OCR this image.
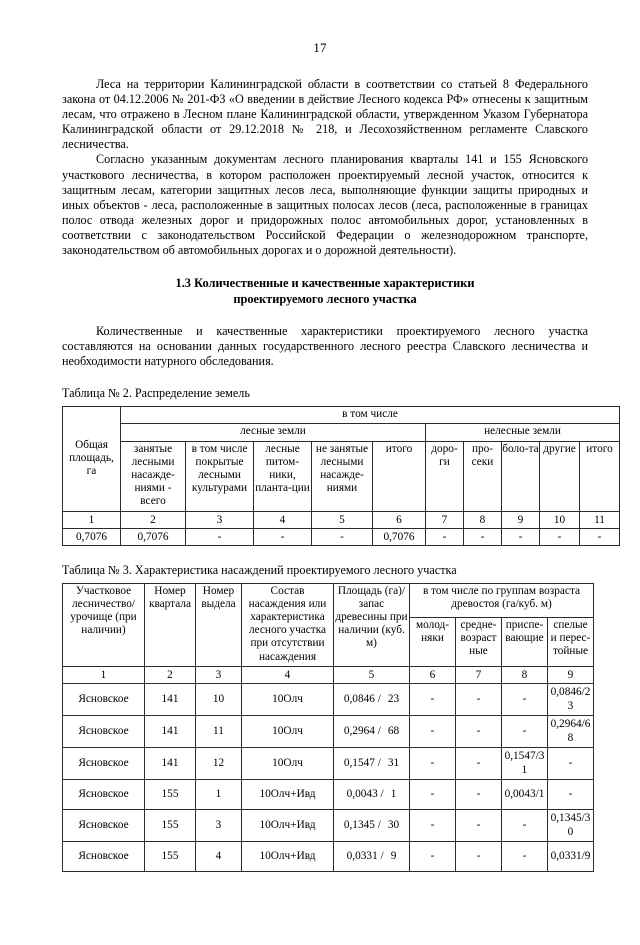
17

Леса на территории Калининградской области в соответствии со статьей 8 Федерального закона от 04.12.2006 № 201-ФЗ «О введении в действие Лесного кодекса РФ» отнесены к защитным лесам, что отражено в Лесном плане Калининградской области, утвержденном Указом Губернатора Калининградской области от 29.12.2018 № 218, и Лесохозяйственном регламенте Славского лесничества.

Согласно указанным документам лесного планирования кварталы 141 и 155 Ясновского участкового лесничества, в котором расположен проектируемый лесной участок, относится к защитным лесам, категории защитных лесов леса, выполняющие функции защиты природных и иных объектов - леса, расположенные в защитных полосах лесов (леса, расположенные в границах полос отвода железных дорог и придорожных полос автомобильных дорог, установленных в соответствии с законодательством Российской Федерации о железнодорожном транспорте, законодательством об автомобильных дорогах и о дорожной деятельности).

1.3 Количественные и качественные характеристики
проектируемого лесного участка

Количественные и качественные характеристики проектируемого лесного участка составляются на основании данных государственного лесного реестра Славского лесничества и необходимости натурного обследования.

Таблица № 2. Распределение земель
Общая площадь, га	в том числе									
	лесные земли					нелесные земли				
	занятые лесными насажде-ниями - всего	в том числе покрытые лесными культурами	лесные питом-ники, планта-ции	не занятые лесными насажде-ниями	итого	доро-ги	про-секи	боло-та	другие	итого
1	2	3	4	5	6	7	8	9	10	11
0,7076	0,7076	-	-	-	0,7076	-	-	-	-	-
Таблица № 3. Характеристика насаждений проектируемого лесного участка
Участковое лесничество/ урочище (при наличии)	Номер квартала	Номер выдела	Состав насаждения или характеристика лесного участка при отсутствии насаждения	Площадь (га)/ запас древесины при наличии (куб. м)	в том числе по группам возраста древостоя (га/куб. м)			
					молод-няки	средне-возраст ные	приспе-вающие	спелые и перес-тойные
1	2	3	4	5	6	7	8	9
Ясновское	141	10	10Олч	0,0846 / 23	-	-	-	0,0846/23
Ясновское	141	11	10Олч	0,2964 / 68	-	-	-	0,2964/68
Ясновское	141	12	10Олч	0,1547 / 31	-	-	0,1547/31	-
Ясновское	155	1	10Олч+Ивд	0,0043 / 1	-	-	0,0043/1	-
Ясновское	155	3	10Олч+Ивд	0,1345 / 30	-	-	-	0,1345/30
Ясновское	155	4	10Олч+Ивд	0,0331 / 9	-	-	-	0,0331/9
